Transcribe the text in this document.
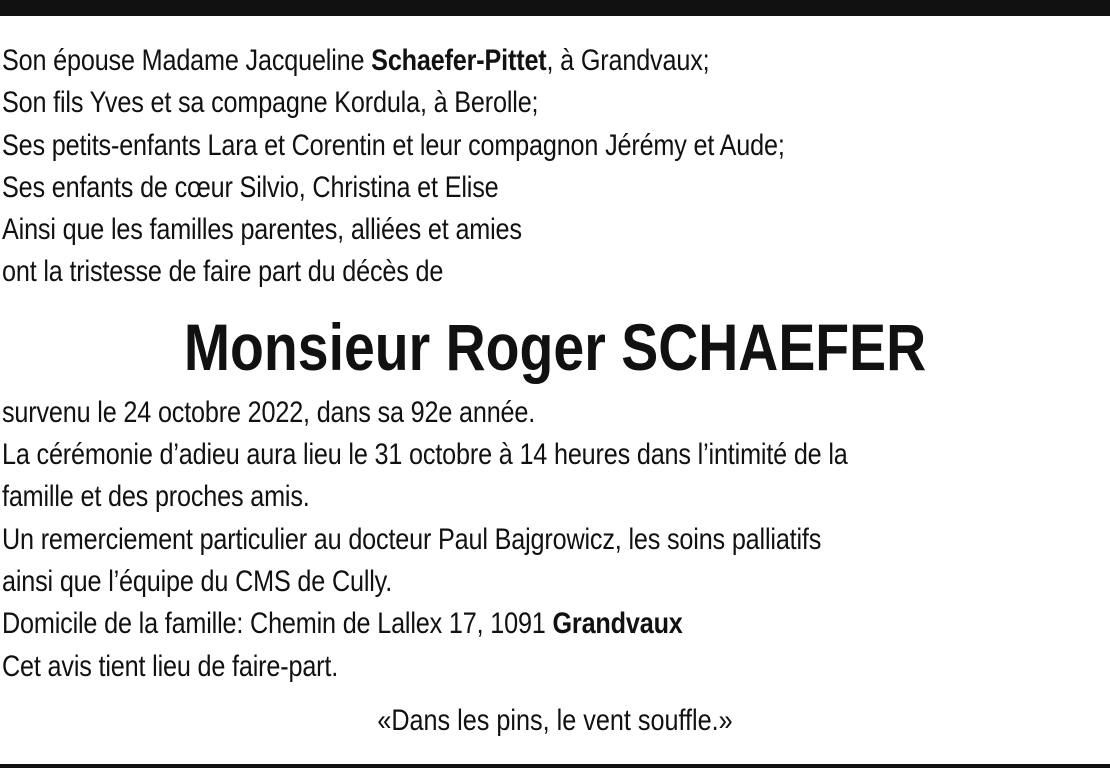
Son épouse Madame Jacqueline Schaefer-Pittet, à Grandvaux;
Son fils Yves et sa compagne Kordula, à Berolle;
Ses petits-enfants Lara et Corentin et leur compagnon Jérémy et Aude;
Ses enfants de cœur Silvio, Christina et Elise
Ainsi que les familles parentes, alliées et amies
ont la tristesse de faire part du décès de
Monsieur Roger SCHAEFER
survenu le 24 octobre 2022, dans sa 92e année.
La cérémonie d’adieu aura lieu le 31 octobre à 14 heures dans l’intimité de la
famille et des proches amis.
Un remerciement particulier au docteur Paul Bajgrowicz, les soins palliatifs
ainsi que l’équipe du CMS de Cully.
Domicile de la famille: Chemin de Lallex 17, 1091 Grandvaux
Cet avis tient lieu de faire-part.
«Dans les pins, le vent souffle.»
